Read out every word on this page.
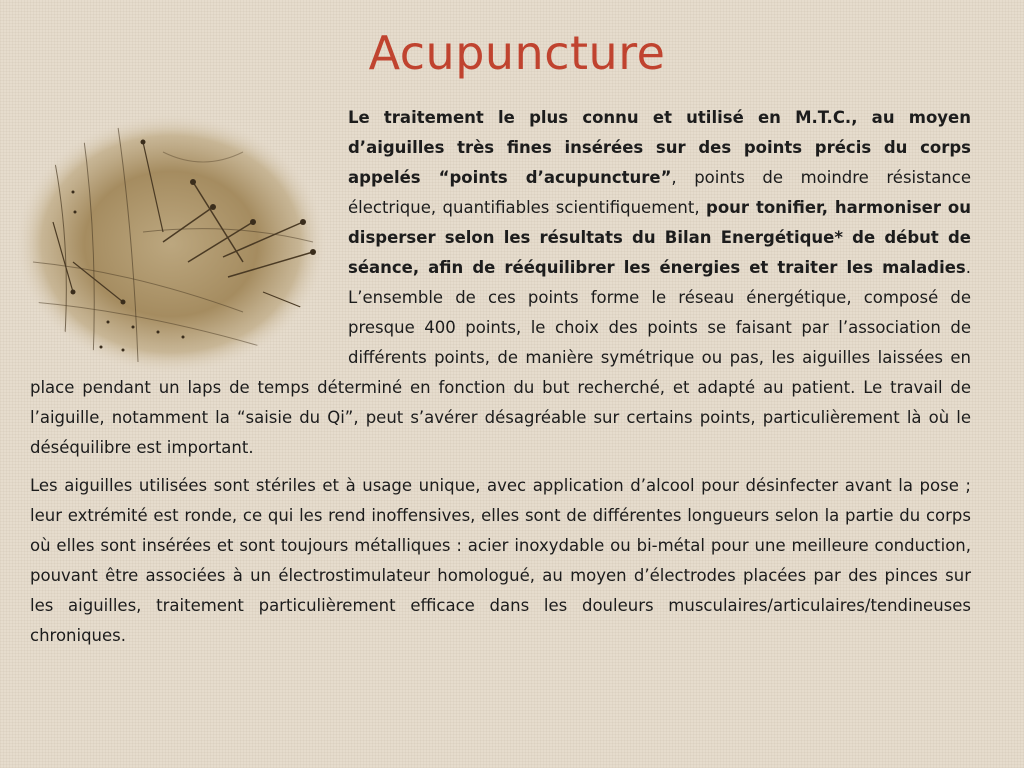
Acupuncture

Le traitement le plus connu et utilisé en M.T.C., au moyen d’aiguilles très fines insérées sur des points précis du corps appelés “points d’acupuncture”, points de moindre résistance électrique, quantifiables scientifiquement, pour tonifier, harmoniser ou disperser selon les résultats du Bilan Energétique* de début de séance, afin de rééquilibrer les énergies et traiter les maladies. L’ensemble de ces points forme le réseau énergétique, composé de presque 400 points, le choix des points se faisant par l’association de différents points, de manière symétrique ou pas, les aiguilles laissées en place pendant un laps de temps déterminé en fonction du but recherché, et adapté au patient. Le travail de l’aiguille, notamment la “saisie du Qi”, peut s’avérer désagréable sur certains points, particulièrement là où le déséquilibre est important.

Les aiguilles utilisées sont stériles et à usage unique, avec application d’alcool pour désinfecter avant la pose ; leur extrémité est ronde, ce qui les rend inoffensives, elles sont de différentes longueurs selon la partie du corps où elles sont insérées et sont toujours métalliques : acier inoxydable ou bi-métal pour une meilleure conduction, pouvant être associées à un électrostimulateur homologué, au moyen d’électrodes placées par des pinces sur les aiguilles, traitement particulièrement efficace dans les douleurs musculaires/articulaires/tendineuses chroniques.
